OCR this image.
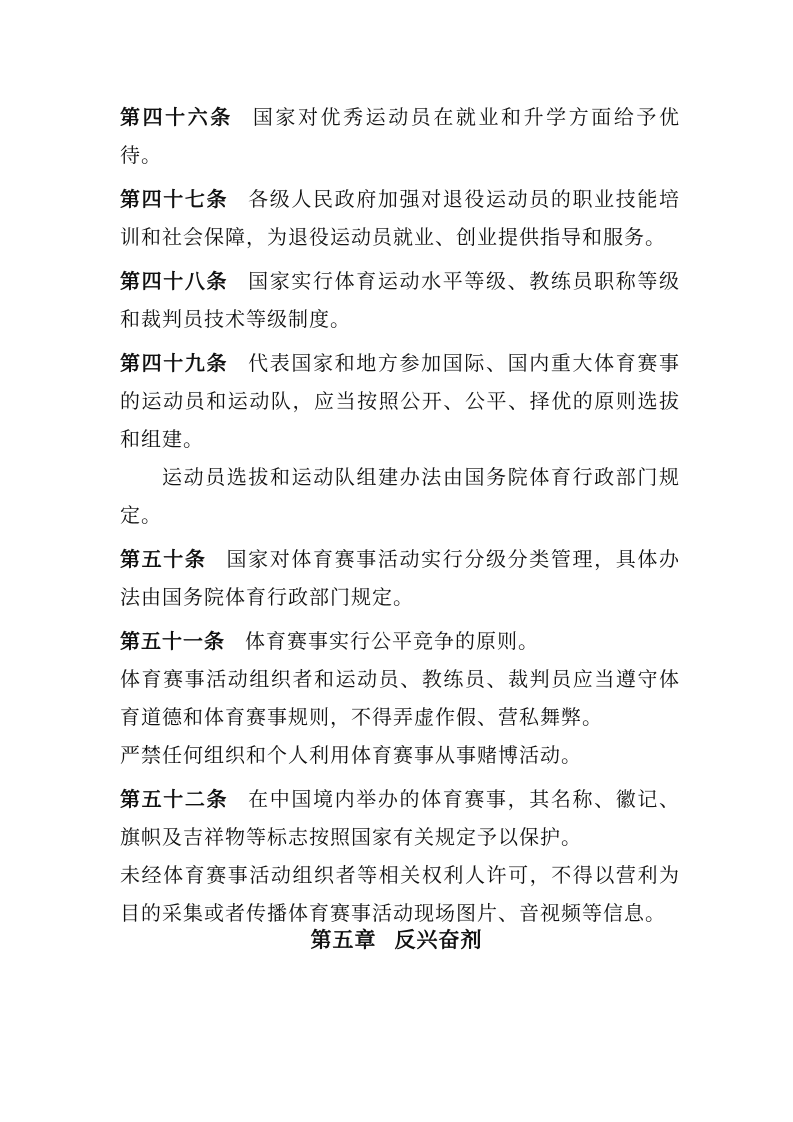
第四十六条 国家对优秀运动员在就业和升学方面给予优待。

第四十七条 各级人民政府加强对退役运动员的职业技能培训和社会保障，为退役运动员就业、创业提供指导和服务。

第四十八条 国家实行体育运动水平等级、教练员职称等级和裁判员技术等级制度。

第四十九条 代表国家和地方参加国际、国内重大体育赛事的运动员和运动队，应当按照公开、公平、择优的原则选拔和组建。

运动员选拔和运动队组建办法由国务院体育行政部门规定。

第五十条 国家对体育赛事活动实行分级分类管理，具体办法由国务院体育行政部门规定。

第五十一条 体育赛事实行公平竞争的原则。

体育赛事活动组织者和运动员、教练员、裁判员应当遵守体育道德和体育赛事规则，不得弄虚作假、营私舞弊。

严禁任何组织和个人利用体育赛事从事赌博活动。

第五十二条 在中国境内举办的体育赛事，其名称、徽记、旗帜及吉祥物等标志按照国家有关规定予以保护。

未经体育赛事活动组织者等相关权利人许可，不得以营利为目的采集或者传播体育赛事活动现场图片、音视频等信息。

第五章 反兴奋剂
